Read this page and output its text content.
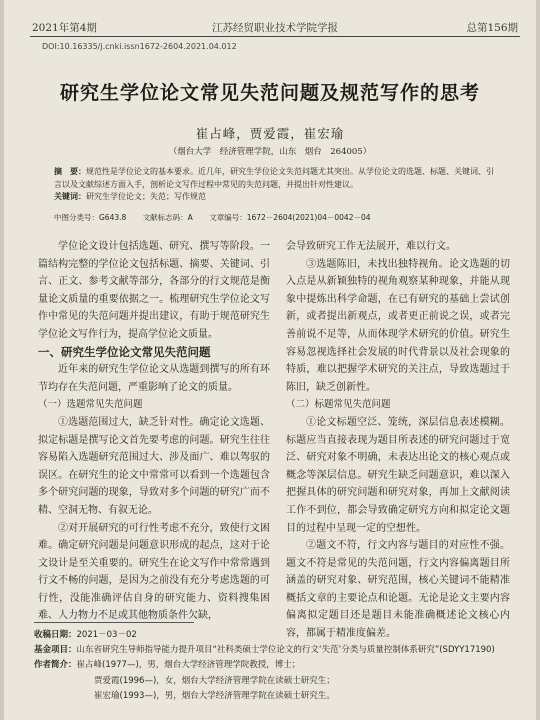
2021年第4期	江苏经贸职业技术学院学报	总第156期
DOI:10.16335/j.cnki.issn1672-2604.2021.04.012
研究生学位论文常见失范问题及规范写作的思考
崔占峰，贾爱霞，崔宏瑜
（烟台大学　经济管理学院，山东　烟台　264005）
摘　要：规范性是学位论文的基本要求。近几年，研究生学位论文失范问题尤其突出。从学位论文的选题、标题、关键词、引言以及文献综述方面入手，剖析论文写作过程中常见的失范问题，并提出针对性建议。
关键词：研究生学位论文；失范；写作规范
中图分类号：G643.8 文献标志码：A 文章编号：1672－2604(2021)04－0042－04

学位论文设计包括选题、研究、撰写等阶段。一篇结构完整的学位论文包括标题、摘要、关键词、引言、正文、参考文献等部分，各部分的行文规范是衡量论文质量的重要依据之一。梳理研究生学位论文写作中常见的失范问题并提出建议，有助于规范研究生学位论文写作行为，提高学位论文质量。

一、研究生学位论文常见失范问题

近年来的研究生学位论文从选题到撰写的所有环节均存在失范问题，严重影响了论文的质量。

（一）选题常见失范问题

①选题范围过大，缺乏针对性。确定论文选题、拟定标题是撰写论文首先要考虑的问题。研究生往往容易陷入选题研究范围过大、涉及面广、难以驾驭的误区。在研究生的论文中常常可以看到一个选题包含多个研究问题的现象，导致对多个问题的研究广而不精、空洞无物、有叙无论。

②对开展研究的可行性考虑不充分，致使行文困难。确定研究问题是问题意识形成的起点，这对于论文设计是至关重要的。研究生在论文写作中常常遇到行文不畅的问题，是因为之前没有充分考虑选题的可行性，没能准确评估自身的研究能力、资料搜集困难、人力物力不足或其他物质条件欠缺，

会导致研究工作无法展开，难以行文。

③选题陈旧，未找出独特视角。论文选题的切入点是从新颖独特的视角观察某种现象，并能从现象中提炼出科学命题，在已有研究的基础上尝试创新，或者提出新观点，或者更正前说之误，或者完善前说不足等，从而体现学术研究的价值。研究生容易忽视选择社会发展的时代背景以及社会现象的特质，难以把握学术研究的关注点，导致选题过于陈旧，缺乏创新性。

（二）标题常见失范问题

①论文标题空泛、笼统，深层信息表述模糊。标题应当直接表现为题目所表述的研究问题过于宽泛、研究对象不明确，未表达出论文的核心观点或概念等深层信息。研究生缺乏问题意识，难以深入把握具体的研究问题和研究对象，再加上文献阅读工作不到位，都会导致确定研究方向和拟定论文题目的过程中呈现一定的空想性。

②题文不符，行文内容与题目的对应性不强。题文不符是常见的失范问题，行文内容偏离题目所涵盖的研究对象、研究范围，核心关键词不能精准概括文章的主要论点和论题。无论是论文主要内容偏离拟定题目还是题目未能准确概述论文核心内容，都属于精准度偏差。

收稿日期：2021－03－02
基金项目：山东省研究生导师指导能力提升项目“社科类硕士学位论文的行文‘失范’分类与质量控制体系研究”(SDYY17190)
作者简介：崔占峰(1977—)，男，烟台大学经济管理学院教授，博士；
贾爱霞(1996—)，女，烟台大学经济管理学院在读硕士研究生；
崔宏瑜(1993—)，男，烟台大学经济管理学院在读硕士研究生。
